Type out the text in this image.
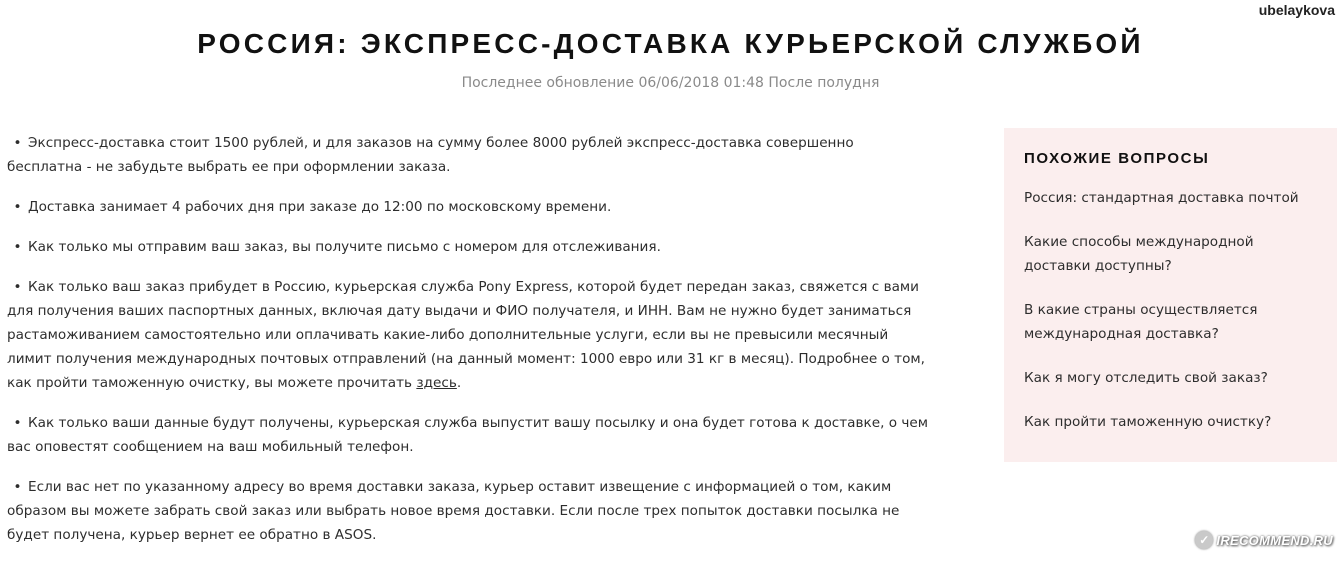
ubelaykova
РОССИЯ: ЭКСПРЕСС-ДОСТАВКА КУРЬЕРСКОЙ СЛУЖБОЙ
Последнее обновление 06/06/2018 01:48 После полудня

• Экспресс-доставка стоит 1500 рублей, и для заказов на сумму более 8000 рублей экспресс-доставка совершенно бесплатна - не забудьте выбрать ее при оформлении заказа.

• Доставка занимает 4 рабочих дня при заказе до 12:00 по московскому времени.

• Как только мы отправим ваш заказ, вы получите письмо с номером для отслеживания.

• Как только ваш заказ прибудет в Россию, курьерская служба Pony Express, которой будет передан заказ, свяжется с вами для получения ваших паспортных данных, включая дату выдачи и ФИО получателя, и ИНН. Вам не нужно будет заниматься растаможиванием самостоятельно или оплачивать какие-либо дополнительные услуги, если вы не превысили месячный лимит получения международных почтовых отправлений (на данный момент: 1000 евро или 31 кг в месяц). Подробнее о том, как пройти таможенную очистку, вы можете прочитать здесь.

• Как только ваши данные будут получены, курьерская служба выпустит вашу посылку и она будет готова к доставке, о чем вас оповестят сообщением на ваш мобильный телефон.

• Если вас нет по указанному адресу во время доставки заказа, курьер оставит извещение с информацией о том, каким образом вы можете забрать свой заказ или выбрать новое время доставки. Если после трех попыток доставки посылка не будет получена, курьер вернет ее обратно в ASOS.

ПОХОЖИЕ ВОПРОСЫ
Россия: стандартная доставка почтой
Какие способы международной доставки доступны?
В какие страны осуществляется международная доставка?
Как я могу отследить свой заказ?
Как пройти таможенную очистку?
✓ IRECOMMEND.RU
